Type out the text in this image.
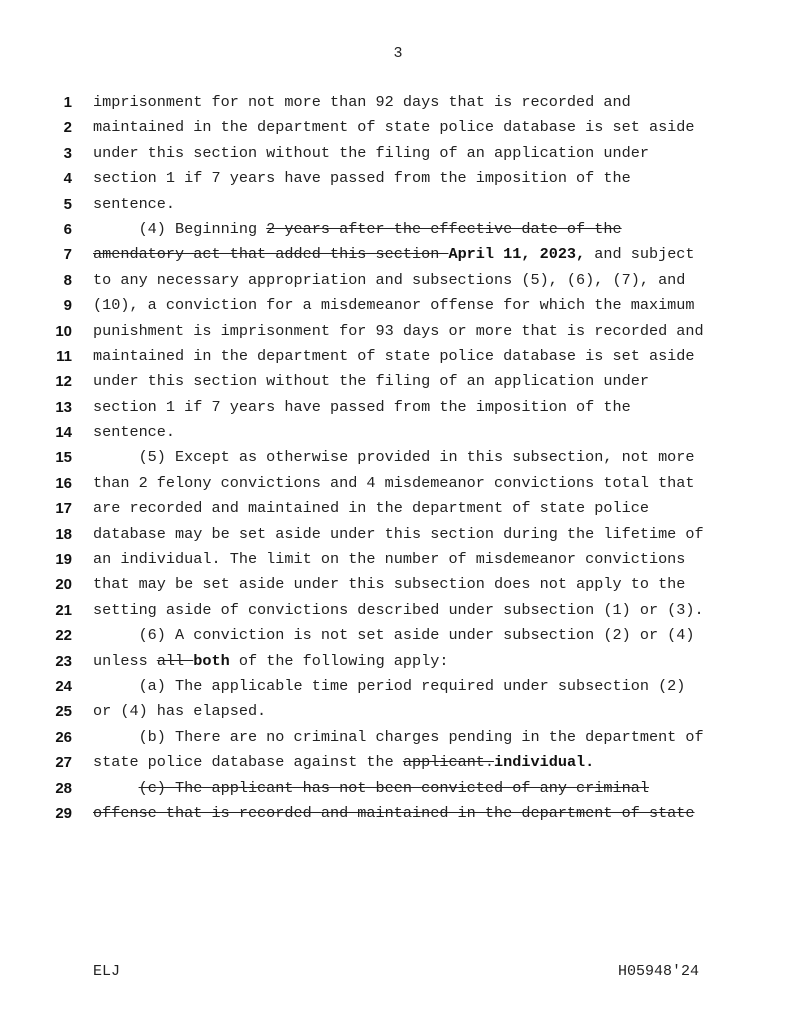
3
1 imprisonment for not more than 92 days that is recorded and
2 maintained in the department of state police database is set aside
3 under this section without the filing of an application under
4 section 1 if 7 years have passed from the imposition of the
5 sentence.
6 (4) Beginning 2 years after the effective date of the
7 amendatory act that added this section April 11, 2023, and subject
8 to any necessary appropriation and subsections (5), (6), (7), and
9 (10), a conviction for a misdemeanor offense for which the maximum
10 punishment is imprisonment for 93 days or more that is recorded and
11 maintained in the department of state police database is set aside
12 under this section without the filing of an application under
13 section 1 if 7 years have passed from the imposition of the
14 sentence.
15 (5) Except as otherwise provided in this subsection, not more
16 than 2 felony convictions and 4 misdemeanor convictions total that
17 are recorded and maintained in the department of state police
18 database may be set aside under this section during the lifetime of
19 an individual. The limit on the number of misdemeanor convictions
20 that may be set aside under this subsection does not apply to the
21 setting aside of convictions described under subsection (1) or (3).
22 (6) A conviction is not set aside under subsection (2) or (4)
23 unless all both of the following apply:
24 (a) The applicable time period required under subsection (2)
25 or (4) has elapsed.
26 (b) There are no criminal charges pending in the department of
27 state police database against the applicant.individual.
28	(c) The applicant has not been convicted of any criminal
29 offense that is recorded and maintained in the department of state
ELJ	H05948'24
